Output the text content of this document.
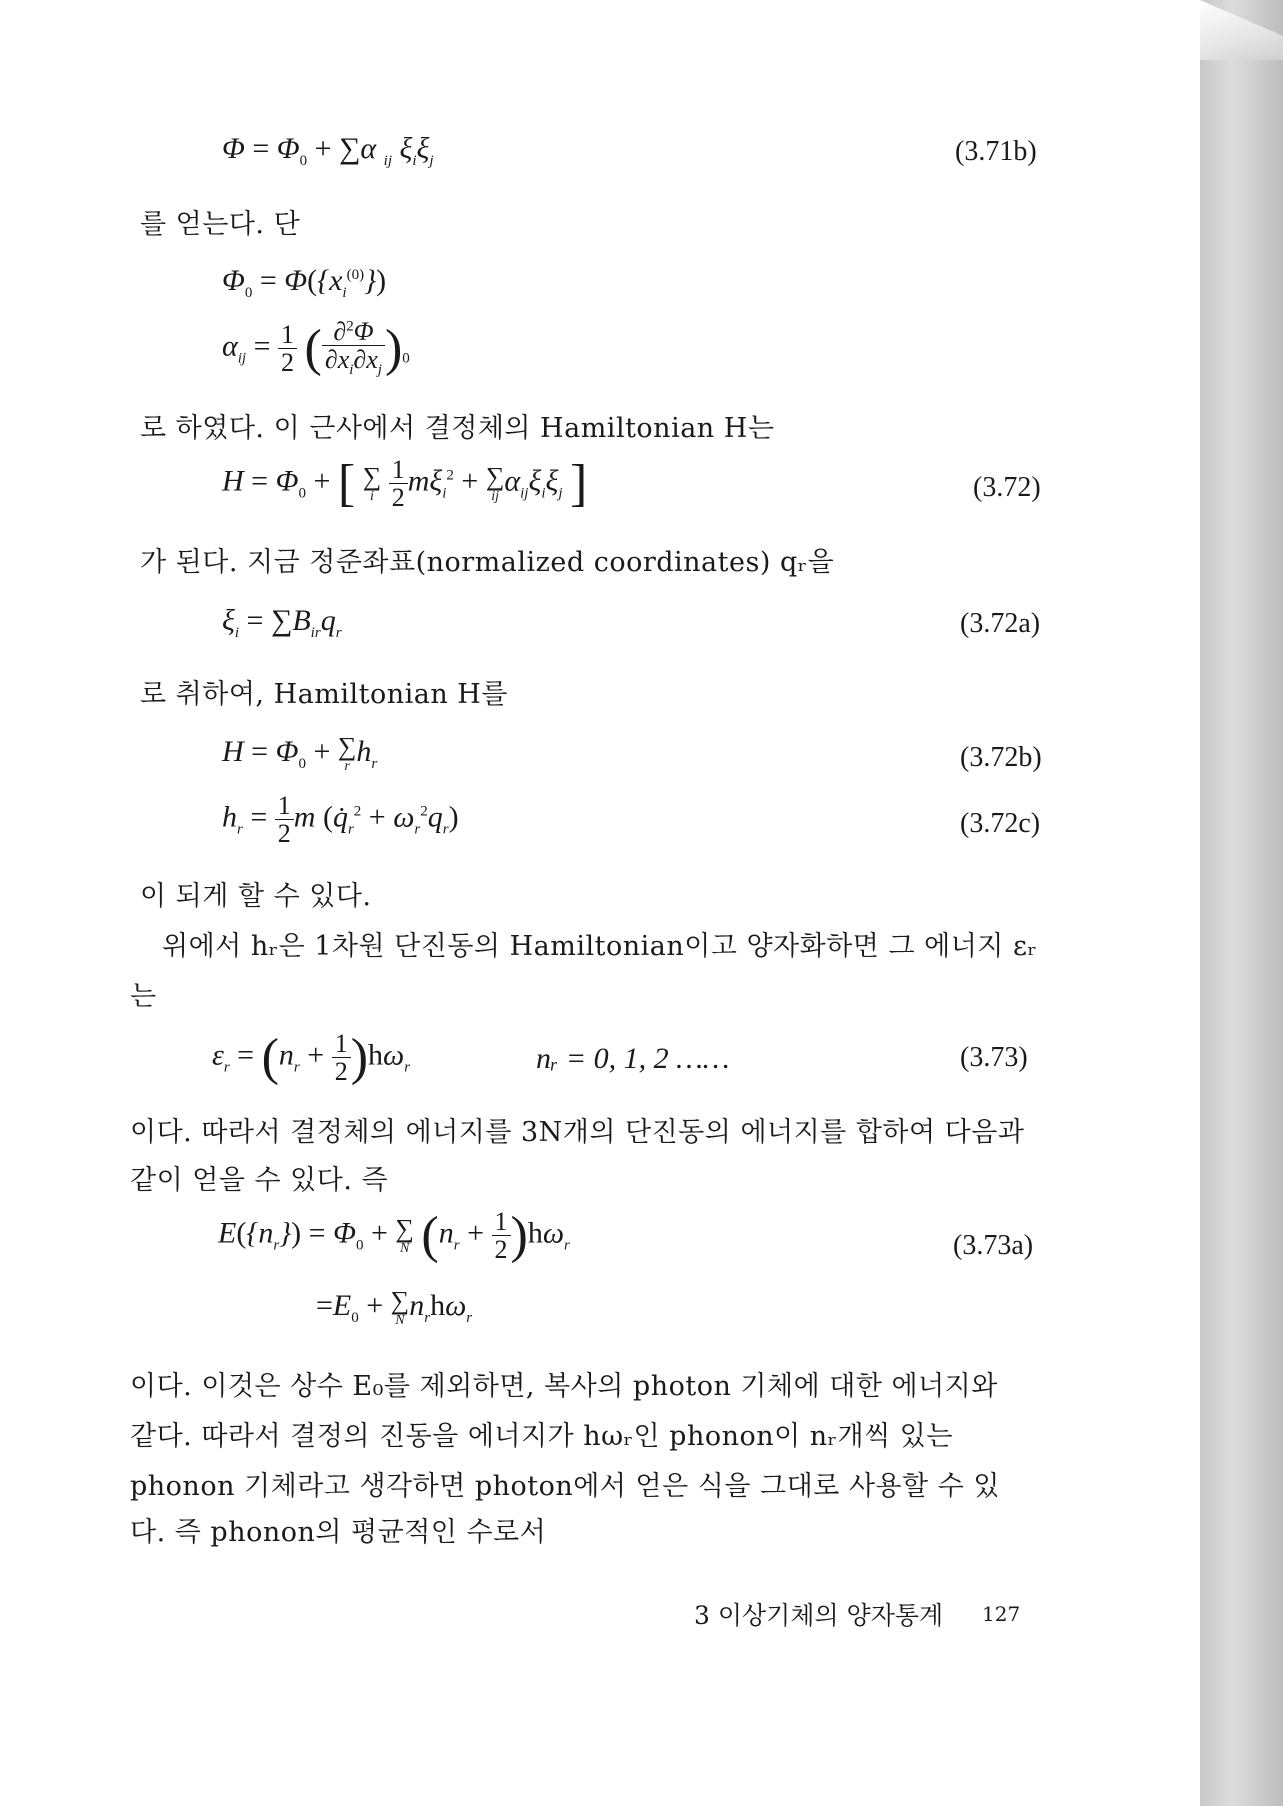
$\Phi = \Phi_0 + \sum\alpha$ $_{ij}$ $\xi_i\xi_j$	(3.71b)
를 얻는다. 단
$\Phi_0 = \Phi(\{x_i^{(0)}\})$
$\alpha_{ij} = \frac{1}{2}$ ( $\frac{\partial^2\Phi}{\partial x_i\partial x_j} )_0$
로 하였다. 이 근사에서 결정체의 Hamiltonian H는
$H = \Phi_0$ + [ ∑
i
$\frac{1}{2} m\xi_i^2$ + ∑
ij $\alpha_{ij}\xi_i\xi_j$ ]	(3.72)
가 된다. 지금 정준좌표(normalized coordinates) qᵣ을
$\xi_i = \sum B_{ir}q_r$	(3.72a)
로 취하여, Hamiltonian H를
$H = \Phi_0$ + ∑
r $h_r$	(3.72b)
$h_r = \frac{1}{2}$ m $(q̇_r^2 + \omega_r^2q_r)$	(3.72c)
이 되게 할 수 있다.
위에서 hᵣ은 1차원 단진동의 Hamiltonian이고 양자화하면 그 에너지 εᵣ
는
$\varepsilon_r = (n_r + \frac{1}{2} )h\omega_r$	nᵣ = 0, 1, 2 ……	(3.73)
이다. 따라서 결정체의 에너지를 3N개의 단진동의 에너지를 합하여 다음과
같이 얻을 수 있다. 즉
$E(\{n_r\}) = \Phi_0$ + ∑
N $(n_r + \frac{1}{2} )h\omega_r$	(3.73a)
$=E_0$ + ∑
N $n_rh\omega_r$
이다. 이것은 상수 E₀를 제외하면, 복사의 photon 기체에 대한 에너지와
같다. 따라서 결정의 진동을 에너지가 hωᵣ인 phonon이 nᵣ개씩 있는
phonon 기체라고 생각하면 photon에서 얻은 식을 그대로 사용할 수 있
다. 즉 phonon의 평균적인 수로서
3 이상기체의 양자통계 127
